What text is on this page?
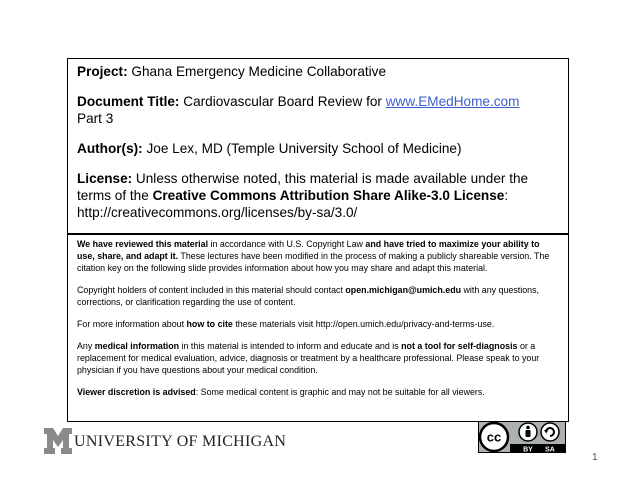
Project: Ghana Emergency Medicine Collaborative

Document Title: Cardiovascular Board Review for www.EMedHome.com
Part 3

Author(s): Joe Lex, MD (Temple University School of Medicine)

License: Unless otherwise noted, this material is made available under the terms of the Creative Commons Attribution Share Alike-3.0 License:
http://creativecommons.org/licenses/by-sa/3.0/

We have reviewed this material in accordance with U.S. Copyright Law and have tried to maximize your ability to use, share, and adapt it. These lectures have been modified in the process of making a publicly shareable version. The citation key on the following slide provides information about how you may share and adapt this material.

Copyright holders of content included in this material should contact open.michigan@umich.edu with any questions, corrections, or clarification regarding the use of content.

For more information about how to cite these materials visit http://open.umich.edu/privacy-and-terms-use.

Any medical information in this material is intended to inform and educate and is not a tool for self-diagnosis or a replacement for medical evaluation, advice, diagnosis or treatment by a healthcare professional. Please speak to your physician if you have questions about your medical condition.

Viewer discretion is advised: Some medical content is graphic and may not be suitable for all viewers.

UNIVERSITY OF MICHIGAN	cc
BY SA
1
